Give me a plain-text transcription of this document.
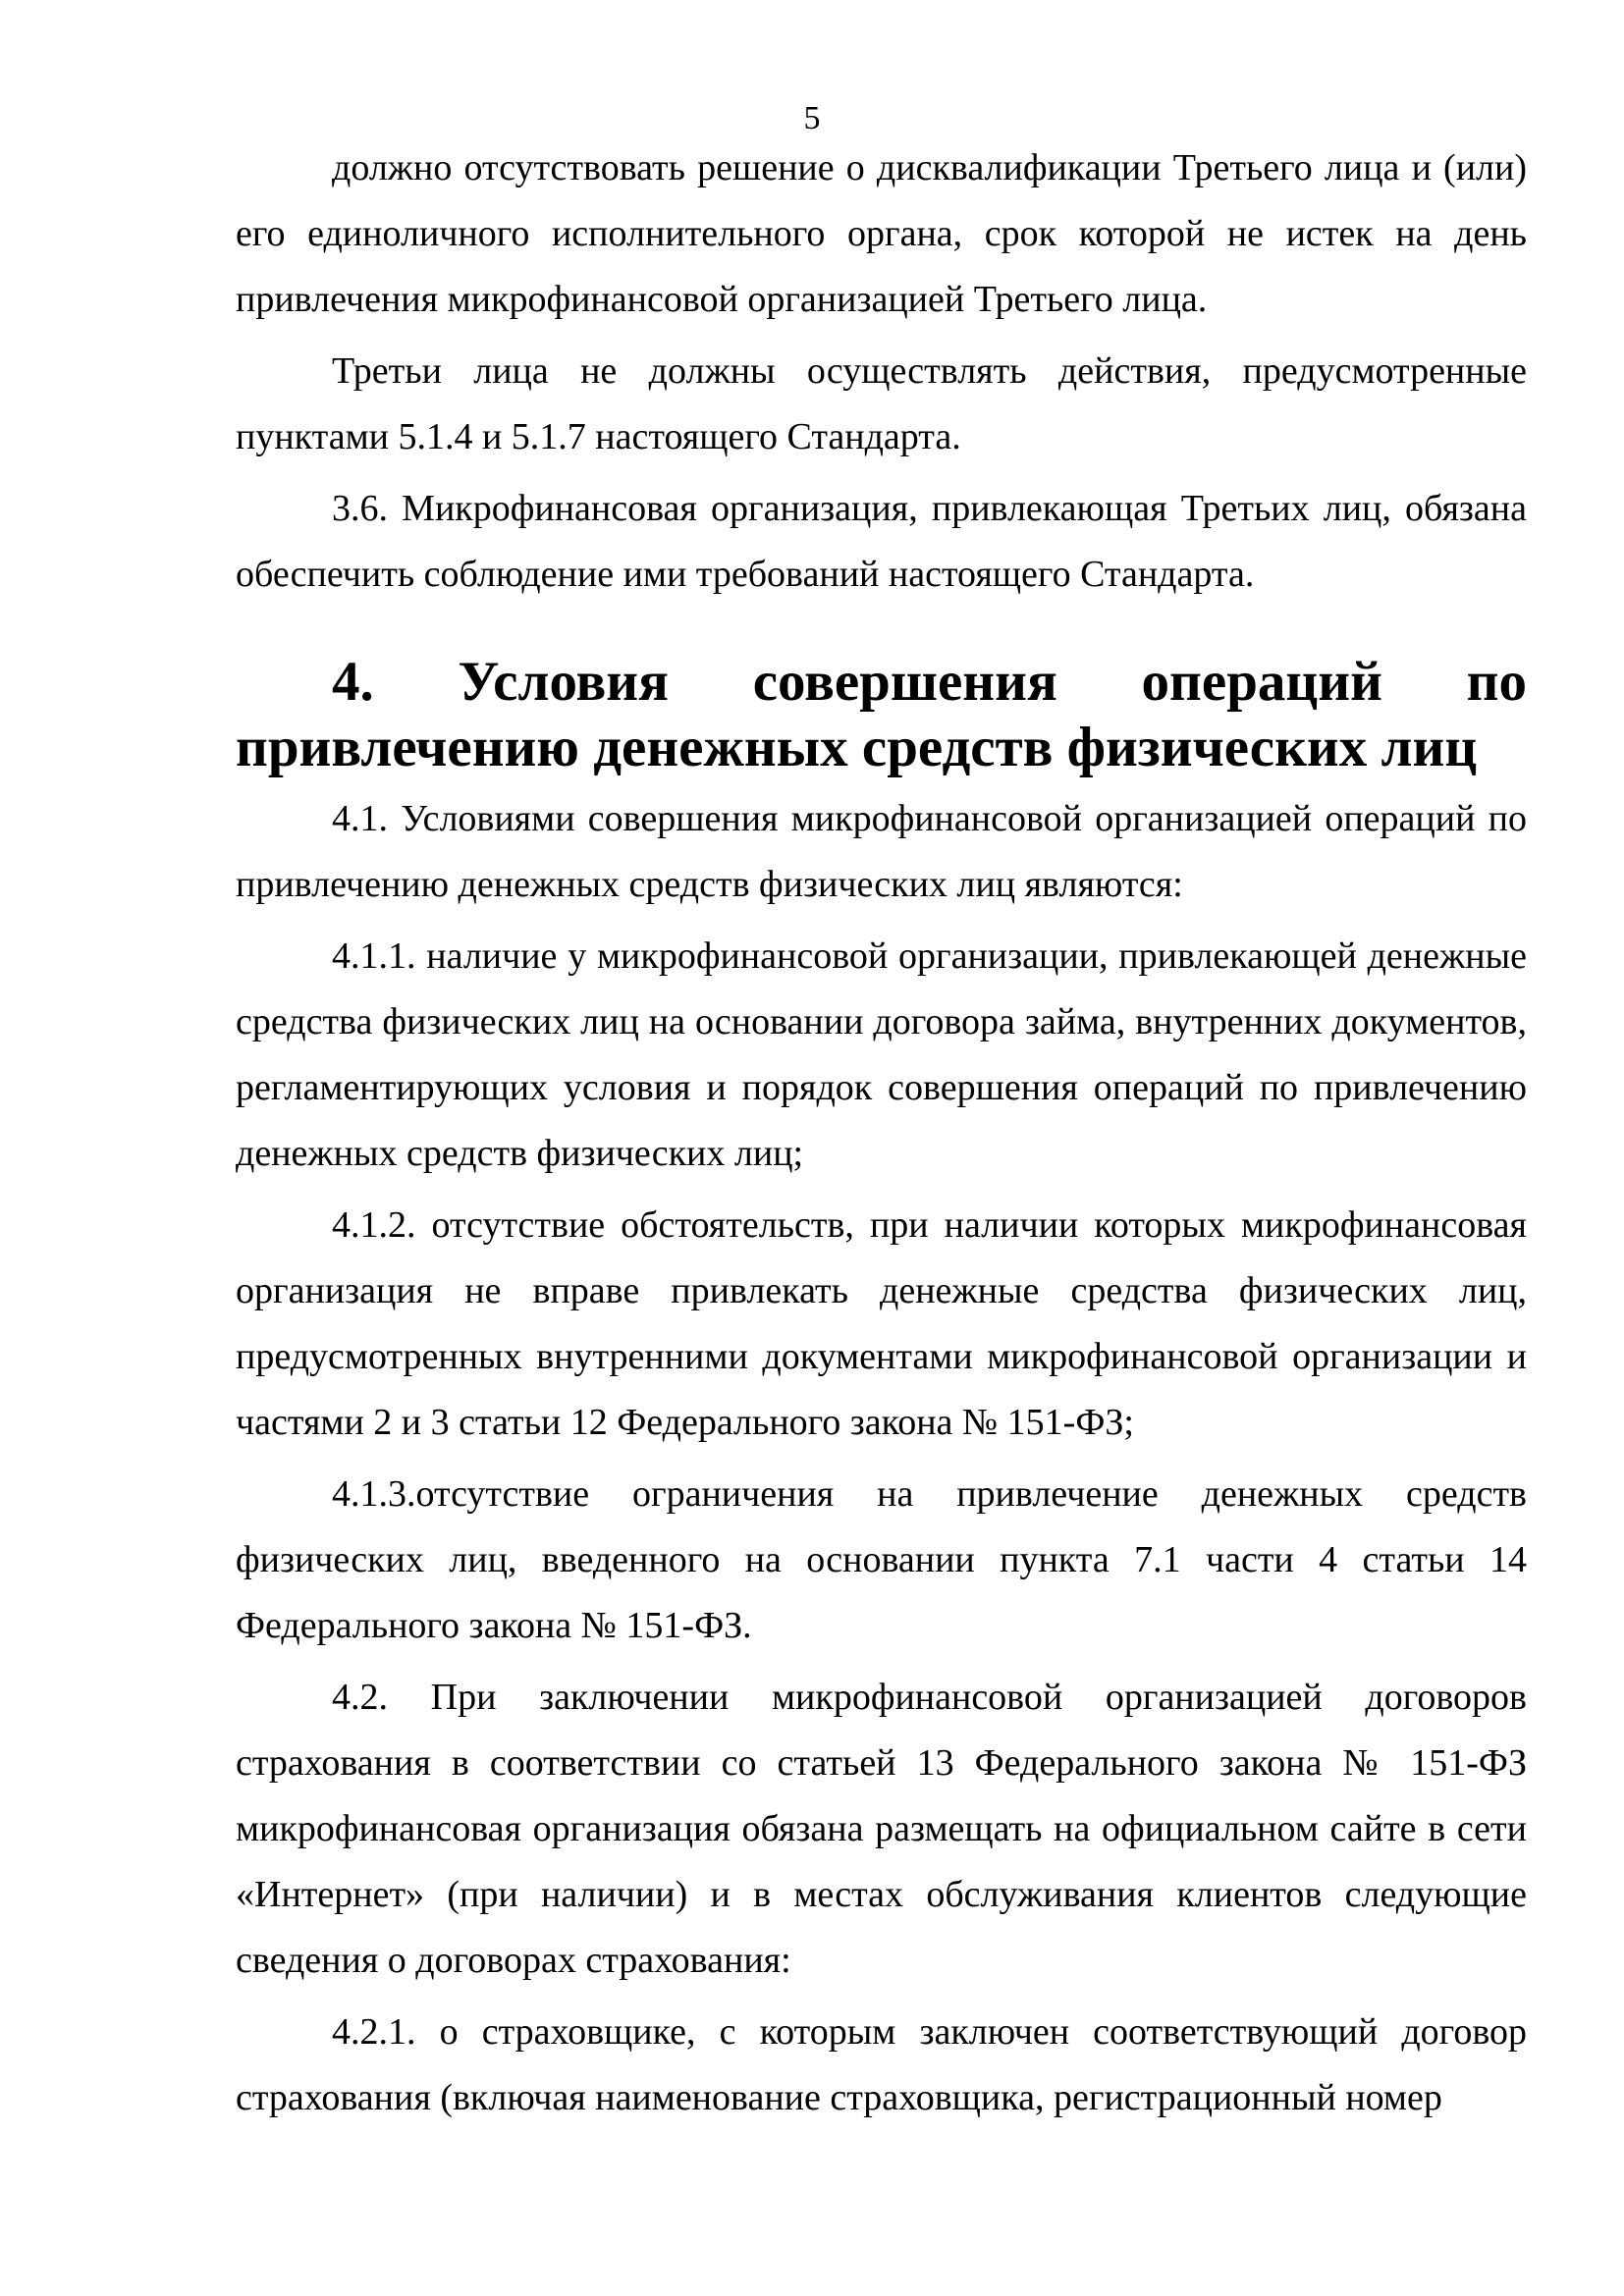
5

должно отсутствовать решение о дисквалификации Третьего лица и (или) его единоличного исполнительного органа, срок которой не истек на день привлечения микрофинансовой организацией Третьего лица.

Третьи лица не должны осуществлять действия, предусмотренные пунктами 5.1.4 и 5.1.7 настоящего Стандарта.

3.6. Микрофинансовая организация, привлекающая Третьих лиц, обязана обеспечить соблюдение ими требований настоящего Стандарта.

4. Условия совершения операций по привлечению денежных средств физических лиц

4.1. Условиями совершения микрофинансовой организацией операций по привлечению денежных средств физических лиц являются:

4.1.1. наличие у микрофинансовой организации, привлекающей денежные средства физических лиц на основании договора займа, внутренних документов, регламентирующих условия и порядок совершения операций по привлечению денежных средств физических лиц;

4.1.2. отсутствие обстоятельств, при наличии которых микрофинансовая организация не вправе привлекать денежные средства физических лиц, предусмотренных внутренними документами микрофинансовой организации и частями 2 и 3 статьи 12 Федерального закона № 151-ФЗ;

4.1.3.отсутствие ограничения на привлечение денежных средств физических лиц, введенного на основании пункта 7.1 части 4 статьи 14 Федерального закона № 151-ФЗ.

4.2. При заключении микрофинансовой организацией договоров страхования в соответствии со статьей 13 Федерального закона № 151-ФЗ микрофинансовая организация обязана размещать на официальном сайте в сети «Интернет» (при наличии) и в местах обслуживания клиентов следующие сведения о договорах страхования:

4.2.1. о страховщике, с которым заключен соответствующий договор страхования (включая наименование страховщика, регистрационный номер
